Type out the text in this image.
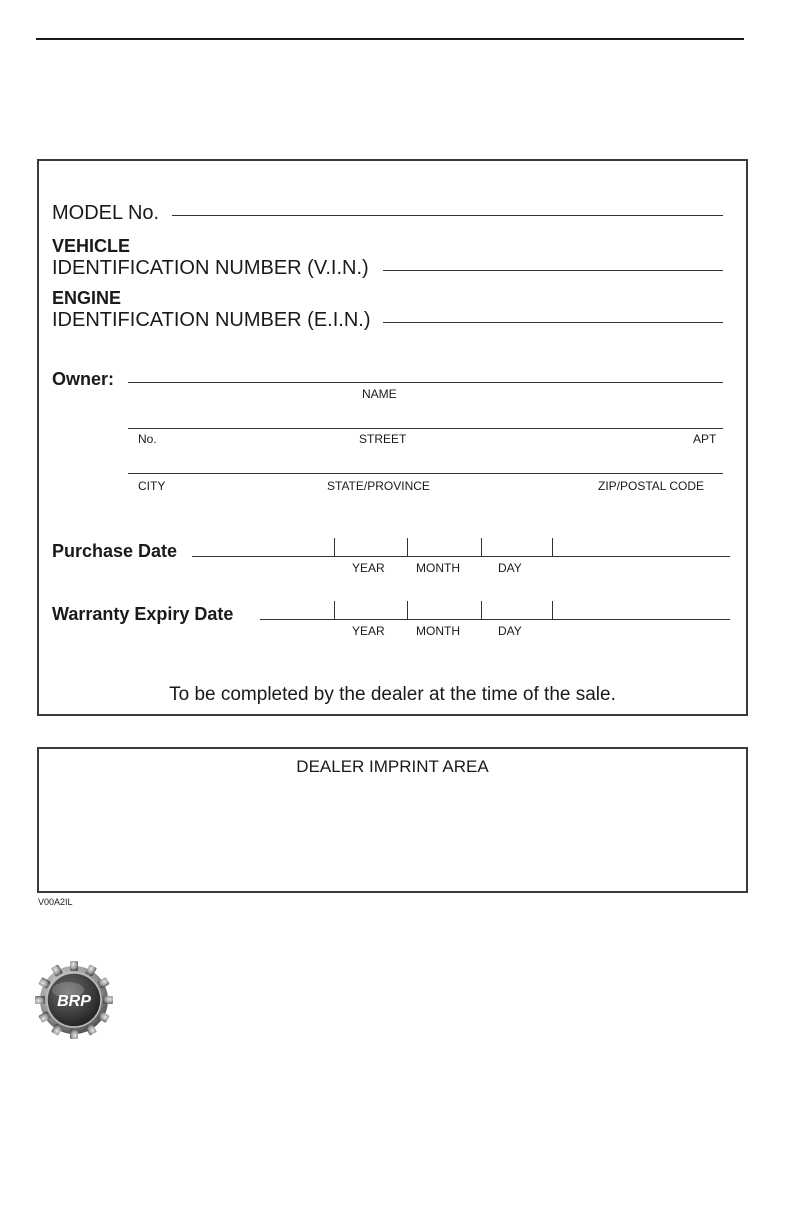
MODEL No.
VEHICLE
IDENTIFICATION NUMBER (V.I.N.)
ENGINE
IDENTIFICATION NUMBER (E.I.N.)
Owner:
NAME
No.	STREET	APT
CITY	STATE/PROVINCE	ZIP/POSTAL CODE
Purchase Date
YEAR	MONTH	DAY
Warranty Expiry Date
YEAR	MONTH	DAY
To be completed by the dealer at the time of the sale.
DEALER IMPRINT AREA
V00A2IL
BRP
